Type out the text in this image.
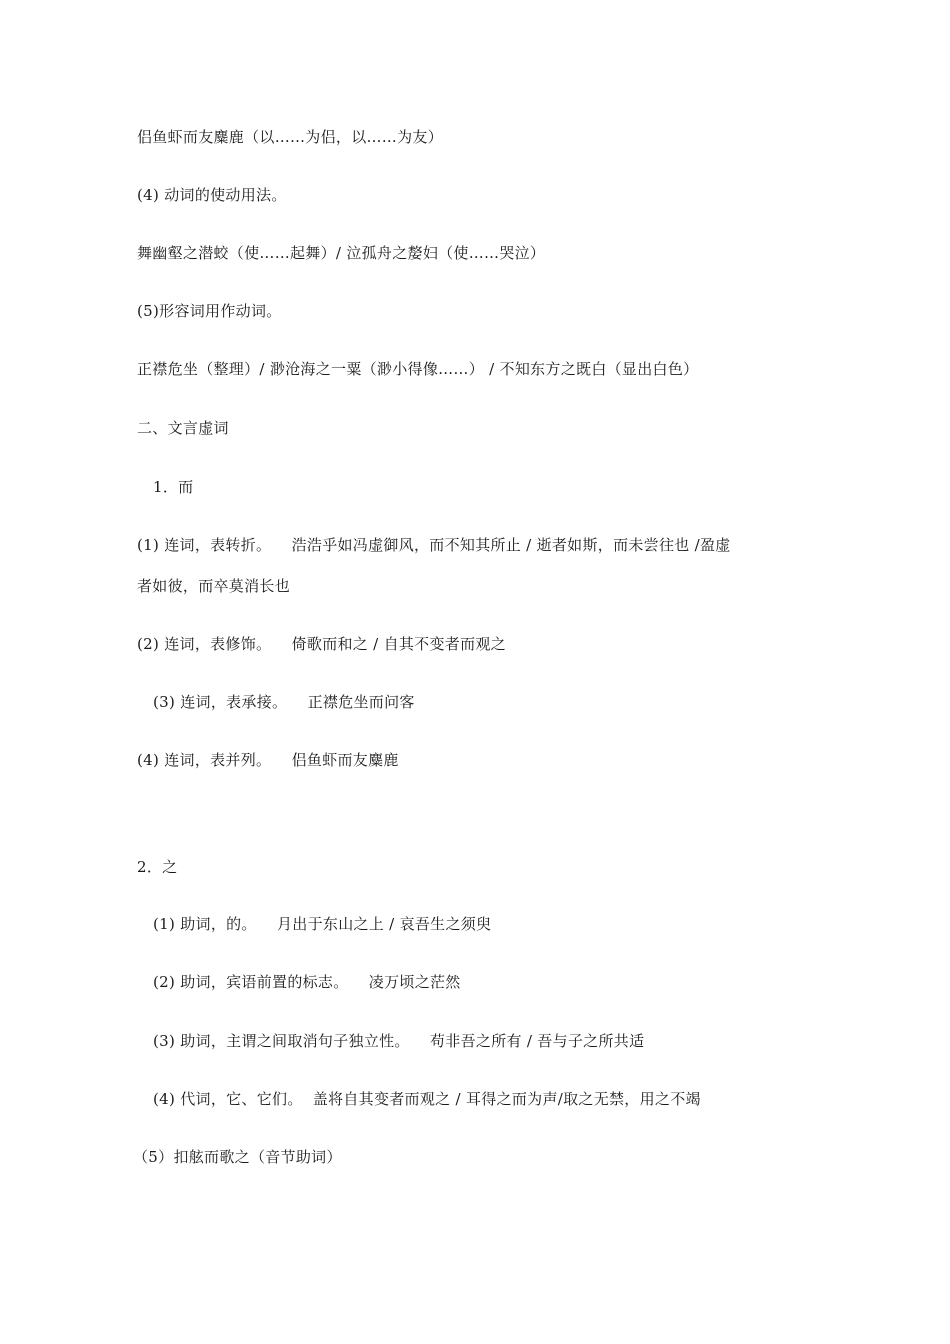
侣鱼虾而友麋鹿（以……为侣，以……为友）
(4) 动词的使动用法。
舞幽壑之潜蛟（使……起舞）/ 泣孤舟之嫠妇（使……哭泣）
(5)形容词用作动词。
正襟危坐（整理）/ 渺沧海之一粟（渺小得像……） / 不知东方之既白（显出白色）
二、文言虚词
1．而
(1) 连词，表转折。    浩浩乎如冯虚御风，而不知其所止 / 逝者如斯，而未尝往也 /盈虚
者如彼，而卒莫消长也
(2) 连词，表修饰。    倚歌而和之 / 自其不变者而观之
(3) 连词，表承接。    正襟危坐而问客
(4) 连词，表并列。    侣鱼虾而友麋鹿
2．之
(1) 助词，的。    月出于东山之上 / 哀吾生之须臾
(2) 助词，宾语前置的标志。    凌万顷之茫然
(3) 助词，主谓之间取消句子独立性。    苟非吾之所有 / 吾与子之所共适
(4) 代词，它、它们。  盖将自其变者而观之 / 耳得之而为声/取之无禁，用之不竭
（5）扣舷而歌之（音节助词）
